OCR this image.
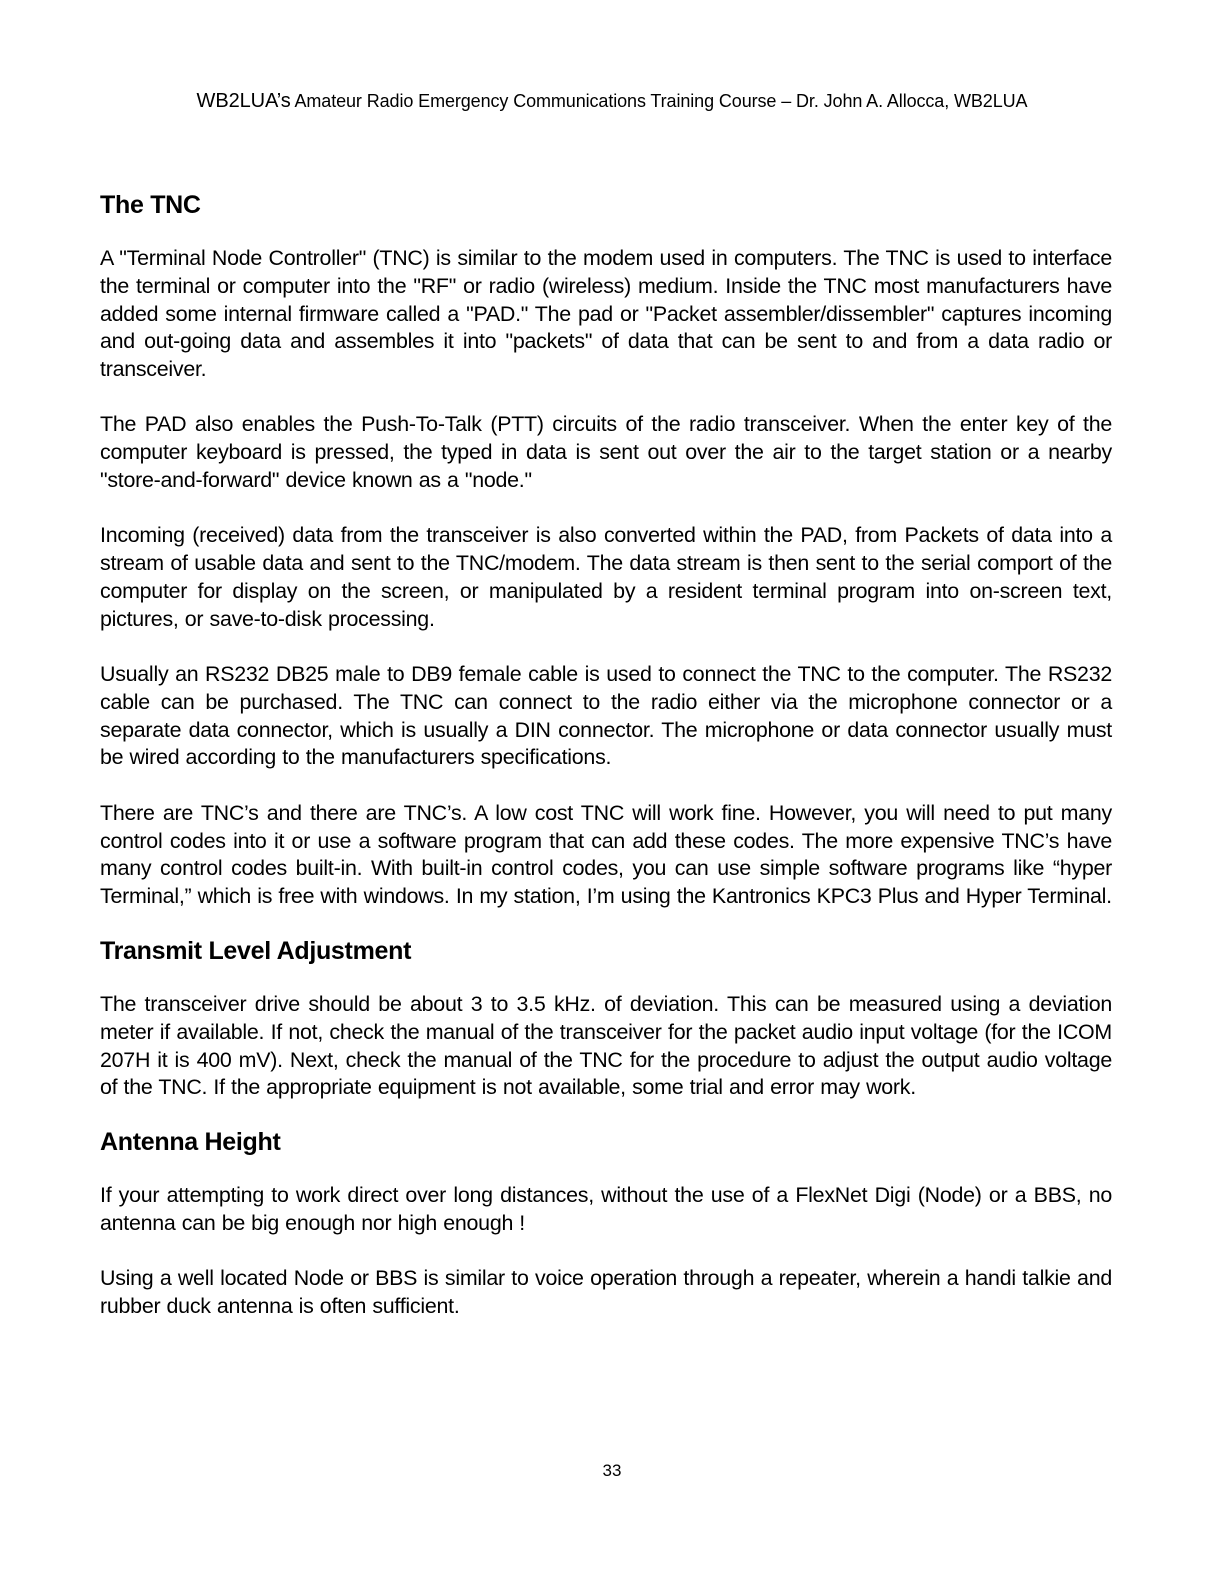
WB2LUA’s Amateur Radio Emergency Communications Training Course – Dr. John A. Allocca, WB2LUA
The TNC

A "Terminal Node Controller" (TNC) is similar to the modem used in computers. The TNC is used to interface the terminal or computer into the "RF" or radio (wireless) medium. Inside the TNC most manufacturers have added some internal firmware called a "PAD." The pad or "Packet assembler/dissembler" captures incoming and out-going data and assembles it into "packets" of data that can be sent to and from a data radio or transceiver.

The PAD also enables the Push-To-Talk (PTT) circuits of the radio transceiver. When the enter key of the computer keyboard is pressed, the typed in data is sent out over the air to the target station or a nearby "store-and-forward" device known as a "node."

Incoming (received) data from the transceiver is also converted within the PAD, from Packets of data into a stream of usable data and sent to the TNC/modem. The data stream is then sent to the serial comport of the computer for display on the screen, or manipulated by a resident terminal program into on-screen text, pictures, or save-to-disk processing.

Usually an RS232 DB25 male to DB9 female cable is used to connect the TNC to the computer. The RS232 cable can be purchased. The TNC can connect to the radio either via the microphone connector or a separate data connector, which is usually a DIN connector. The microphone or data connector usually must be wired according to the manufacturers specifications.

There are TNC’s and there are TNC’s. A low cost TNC will work fine. However, you will need to put many control codes into it or use a software program that can add these codes. The more expensive TNC’s have many control codes built-in. With built-in control codes, you can use simple software programs like “hyper Terminal,” which is free with windows. In my station, I’m using the Kantronics KPC3 Plus and Hyper Terminal.

Transmit Level Adjustment

The transceiver drive should be about 3 to 3.5 kHz. of deviation. This can be measured using a deviation meter if available. If not, check the manual of the transceiver for the packet audio input voltage (for the ICOM 207H it is 400 mV). Next, check the manual of the TNC for the procedure to adjust the output audio voltage of the TNC. If the appropriate equipment is not available, some trial and error may work.

Antenna Height

If your attempting to work direct over long distances, without the use of a FlexNet Digi (Node) or a BBS, no antenna can be big enough nor high enough !

Using a well located Node or BBS is similar to voice operation through a repeater, wherein a handi talkie and rubber duck antenna is often sufficient.

33
